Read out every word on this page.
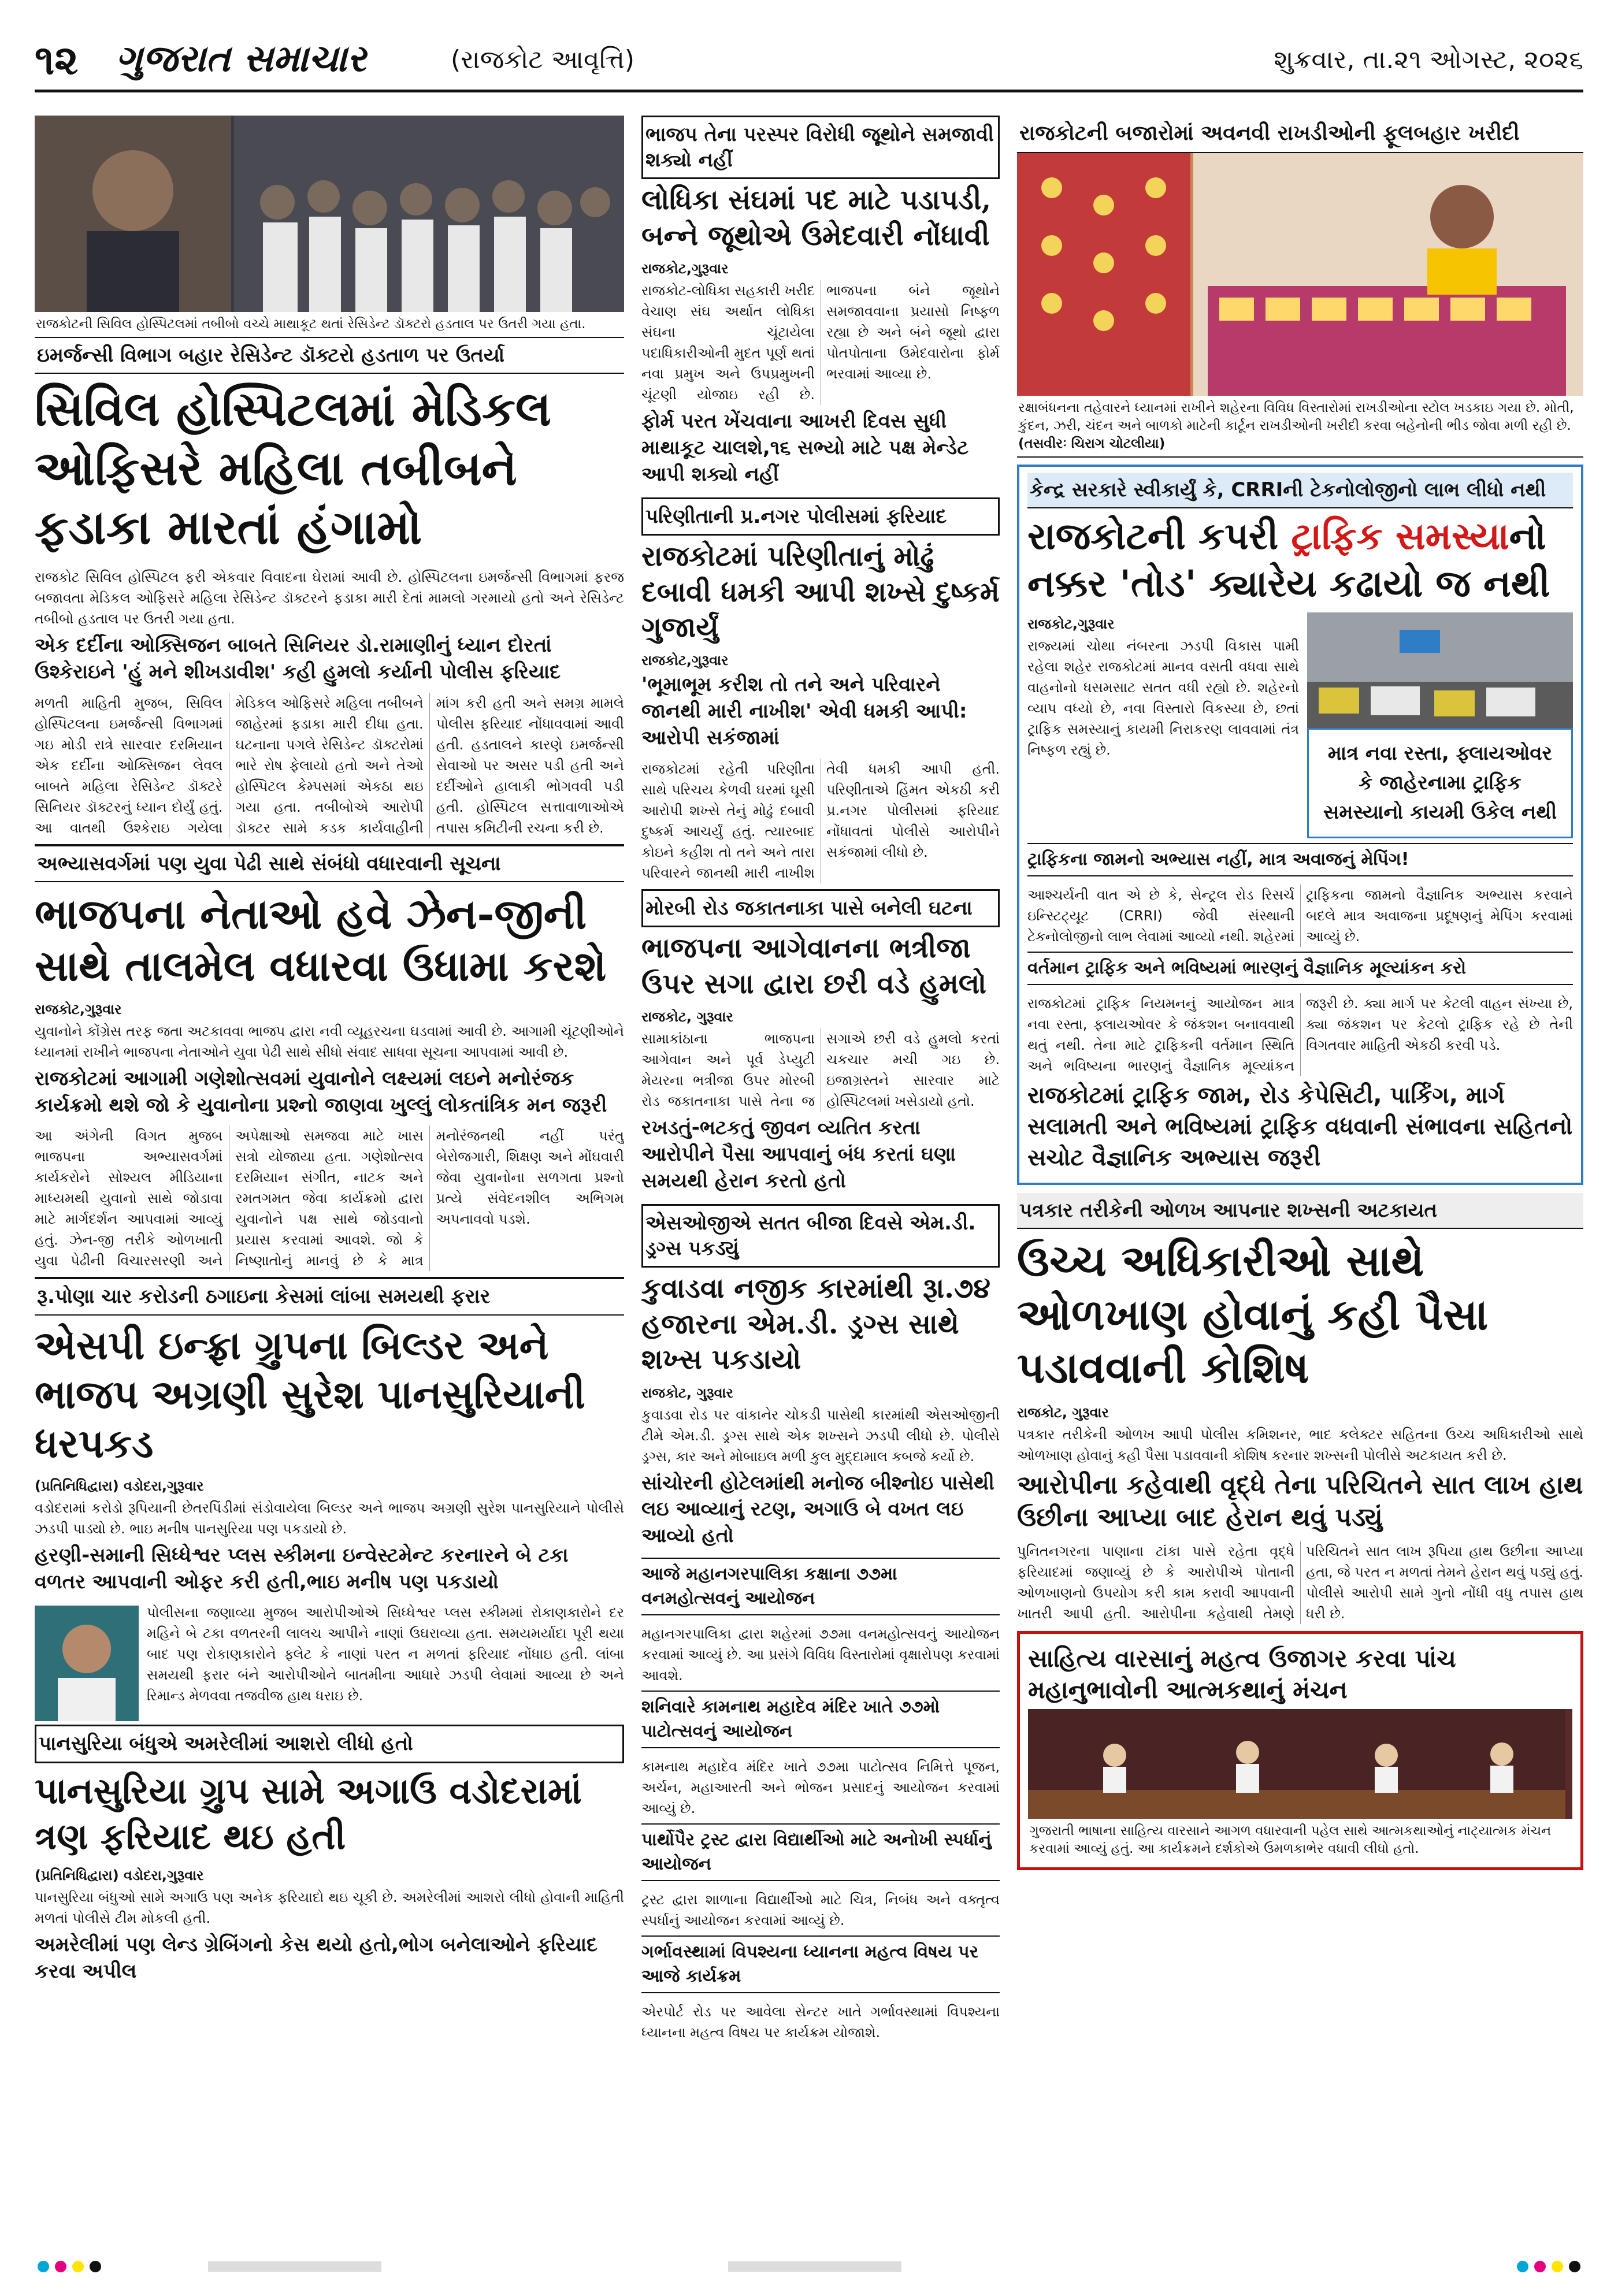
૧૨ ગુજરાત સમાચાર	(રાજકોટ આવૃત્તિ)	શુક્રવાર, તા.૨૧ ઓગસ્ટ, ૨૦૨૬
રાજકોટની સિવિલ હોસ્પિટલમાં તબીબો વચ્ચે માથાકૂટ થતાં રેસિડેન્ટ ડૉક્ટરો હડતાલ પર ઉતરી ગયા હતા.
ઇમર્જન્સી વિભાગ બહાર રેસિડેન્ટ ડૉક્ટરો હડતાળ પર ઉતર્યા
સિવિલ હોસ્પિટલમાં મેડિકલ ઓફિસરે મહિલા તબીબને ફડાકા મારતાં હંગામો
રાજકોટ સિવિલ હોસ્પિટલ ફરી એકવાર વિવાદના ઘેરામાં આવી છે. હોસ્પિટલના ઇમર્જન્સી વિભાગમાં ફરજ બજાવતા મેડિકલ ઓફિસરે મહિલા રેસિડેન્ટ ડૉક્ટરને ફડાકા મારી દેતાં મામલો ગરમાયો હતો અને રેસિડેન્ટ તબીબો હડતાલ પર ઉતરી ગયા હતા.
એક દર્દીના ઓક્સિજન બાબતે સિનિયર ડો.રામાણીનું ધ્યાન દોરતાં ઉશ્કેરાઇને 'હું મને શીખડાવીશ' કહી હુમલો કર્યાની પોલીસ ફરિયાદ
મળતી માહિતી મુજબ, સિવિલ હોસ્પિટલના ઇમર્જન્સી વિભાગમાં ગઇ મોડી રાત્રે સારવાર દરમિયાન એક દર્દીના ઓક્સિજન લેવલ બાબતે મહિલા રેસિડેન્ટ ડૉક્ટરે સિનિયર ડૉક્ટરનું ધ્યાન દોર્યું હતું. આ વાતથી ઉશ્કેરાઇ ગયેલા મેડિકલ ઓફિસરે મહિલા તબીબને જાહેરમાં ફડાકા મારી દીધા હતા. ઘટનાના પગલે રેસિડેન્ટ ડૉક્ટરોમાં ભારે રોષ ફેલાયો હતો અને તેઓ હોસ્પિટલ કેમ્પસમાં એકઠા થઇ ગયા હતા. તબીબોએ આરોપી ડૉક્ટર સામે કડક કાર્યવાહીની માંગ કરી હતી અને સમગ્ર મામલે પોલીસ ફરિયાદ નોંધાવવામાં આવી હતી. હડતાલને કારણે ઇમર્જન્સી સેવાઓ પર અસર પડી હતી અને દર્દીઓને હાલાકી ભોગવવી પડી હતી. હોસ્પિટલ સત્તાવાળાઓએ તપાસ કમિટીની રચના કરી છે.
અભ્યાસવર્ગમાં પણ યુવા પેઢી સાથે સંબંધો વધારવાની સૂચના
ભાજપના નેતાઓ હવે ઝેન-જીની સાથે તાલમેલ વધારવા ઉધામા કરશે
રાજકોટ,ગુરૂવાર
યુવાનોને કોંગ્રેસ તરફ જતા અટકાવવા ભાજપ દ્વારા નવી વ્યૂહરચના ઘડવામાં આવી છે. આગામી ચૂંટણીઓને ધ્યાનમાં રાખીને ભાજપના નેતાઓને યુવા પેઢી સાથે સીધો સંવાદ સાધવા સૂચના આપવામાં આવી છે.
રાજકોટમાં આગામી ગણેશોત્સવમાં યુવાનોને લક્ષ્યમાં લઇને મનોરંજક કાર્યક્રમો થશે જો કે યુવાનોના પ્રશ્નો જાણવા ખુલ્લું લોકતાંત્રિક મન જરૂરી
આ અંગેની વિગત મુજબ ભાજપના અભ્યાસવર્ગમાં કાર્યકરોને સોશ્યલ મીડિયાના માધ્યમથી યુવાનો સાથે જોડાવા માટે માર્ગદર્શન આપવામાં આવ્યું હતું. ઝેન-જી તરીકે ઓળખાતી યુવા પેઢીની વિચારસરણી અને અપેક્ષાઓ સમજવા માટે ખાસ સત્રો યોજાયા હતા. ગણેશોત્સવ દરમિયાન સંગીત, નાટક અને રમતગમત જેવા કાર્યક્રમો દ્વારા યુવાનોને પક્ષ સાથે જોડવાનો પ્રયાસ કરવામાં આવશે. જો કે નિષ્ણાતોનું માનવું છે કે માત્ર મનોરંજનથી નહીં પરંતુ બેરોજગારી, શિક્ષણ અને મોંઘવારી જેવા યુવાનોના સળગતા પ્રશ્નો પ્રત્યે સંવેદનશીલ અભિગમ અપનાવવો પડશે.
રૂ.પોણા ચાર કરોડની ઠગાઇના કેસમાં લાંબા સમયથી ફરાર
એસપી ઇન્ફ્રા ગ્રુપના બિલ્ડર અને ભાજપ અગ્રણી સુરેશ પાનસુરિયાની ધરપકડ
(પ્રતિનિધિદ્વારા) વડોદરા,ગુરૂવાર
વડોદરામાં કરોડો રૂપિયાની છેતરપિંડીમાં સંડોવાયેલા બિલ્ડર અને ભાજપ અગ્રણી સુરેશ પાનસુરિયાને પોલીસે ઝડપી પાડ્યો છે. ભાઇ મનીષ પાનસુરિયા પણ પકડાયો છે.
હરણી-સમાની સિધ્ધેશ્વર પ્લસ સ્કીમના ઇન્વેસ્ટમેન્ટ કરનારને બે ટકા વળતર આપવાની ઓફર કરી હતી,ભાઇ મનીષ પણ પકડાયો
પોલીસના જણાવ્યા મુજબ આરોપીઓએ સિધ્ધેશ્વર પ્લસ સ્કીમમાં રોકાણકારોને દર મહિને બે ટકા વળતરની લાલચ આપીને નાણાં ઉઘરાવ્યા હતા. સમયમર્યાદા પૂરી થયા બાદ પણ રોકાણકારોને ફ્લેટ કે નાણાં પરત ન મળતાં ફરિયાદ નોંધાઇ હતી. લાંબા સમયથી ફરાર બંને આરોપીઓને બાતમીના આધારે ઝડપી લેવામાં આવ્યા છે અને રિમાન્ડ મેળવવા તજવીજ હાથ ધરાઇ છે.
પાનસુરિયા બંધુએ અમરેલીમાં આશરો લીધો હતો
પાનસુરિયા ગ્રુપ સામે અગાઉ વડોદરામાં ત્રણ ફરિયાદ થઇ હતી
(પ્રતિનિધિદ્વારા) વડોદરા,ગુરૂવાર
પાનસુરિયા બંધુઓ સામે અગાઉ પણ અનેક ફરિયાદો થઇ ચૂકી છે. અમરેલીમાં આશરો લીધો હોવાની માહિતી મળતાં પોલીસે ટીમ મોકલી હતી.
અમરેલીમાં પણ લેન્ડ ગ્રેબિંગનો કેસ થયો હતો,ભોગ બનેલાઓને ફરિયાદ કરવા અપીલ
ભાજપ તેના પરસ્પર વિરોધી જૂથોને સમજાવી શક્યો નહીં
લોધિકા સંઘમાં પદ માટે પડાપડી, બન્ને જૂથોએ ઉમેદવારી નોંધાવી
રાજકોટ,ગુરૂવાર
રાજકોટ-લોધિકા સહકારી ખરીદ વેચાણ સંઘ અર્થાત લોધિકા સંઘના ચૂંટાયેલા પદાધિકારીઓની મુદત પૂર્ણ થતાં નવા પ્રમુખ અને ઉપપ્રમુખની ચૂંટણી યોજાઇ રહી છે. ભાજપના બંને જૂથોને સમજાવવાના પ્રયાસો નિષ્ફળ રહ્યા છે અને બંને જૂથો દ્વારા પોતપોતાના ઉમેદવારોના ફોર્મ ભરવામાં આવ્યા છે.
ફોર્મ પરત ખેંચવાના આખરી દિવસ સુધી માથાકૂટ ચાલશે,૧૬ સભ્યો માટે પક્ષ મેન્ડેટ આપી શક્યો નહીં
પરિણીતાની પ્ર.નગર પોલીસમાં ફરિયાદ
રાજકોટમાં પરિણીતાનું મોઢું દબાવી ધમકી આપી શખ્સે દુષ્કર્મ ગુજાર્યું
રાજકોટ,ગુરૂવાર
'ભૂમાભૂમ કરીશ તો તને અને પરિવારને જાનથી મારી નાખીશ' એવી ધમકી આપી: આરોપી સકંજામાં
રાજકોટમાં રહેતી પરિણીતા સાથે પરિચય કેળવી ઘરમાં ઘૂસી આરોપી શખ્સે તેનું મોઢું દબાવી દુષ્કર્મ આચર્યું હતું. ત્યારબાદ કોઇને કહીશ તો તને અને તારા પરિવારને જાનથી મારી નાખીશ તેવી ધમકી આપી હતી. પરિણીતાએ હિંમત એકઠી કરી પ્ર.નગર પોલીસમાં ફરિયાદ નોંધાવતાં પોલીસે આરોપીને સકંજામાં લીધો છે.
મોરબી રોડ જકાતનાકા પાસે બનેલી ઘટના
ભાજપના આગેવાનના ભત્રીજા ઉપર સગા દ્વારા છરી વડે હુમલો
રાજકોટ, ગુરૂવાર
સામાકાંઠાના ભાજપના આગેવાન અને પૂર્વ ડેપ્યુટી મેયરના ભત્રીજા ઉપર મોરબી રોડ જકાતનાકા પાસે તેના જ સગાએ છરી વડે હુમલો કરતાં ચકચાર મચી ગઇ છે. ઇજાગ્રસ્તને સારવાર માટે હોસ્પિટલમાં ખસેડાયો હતો.
રખડતું-ભટકતું જીવન વ્યતિત કરતા આરોપીને પૈસા આપવાનું બંધ કરતાં ઘણા સમયથી હેરાન કરતો હતો
એસઓજીએ સતત બીજા દિવસે એમ.ડી. ડ્રગ્સ પકડ્યું
કુવાડવા નજીક કારમાંથી રૂા.૭૪ હજારના એમ.ડી. ડ્રગ્સ સાથે શખ્સ પકડાયો
રાજકોટ, ગુરૂવાર
કુવાડવા રોડ પર વાંકાનેર ચોકડી પાસેથી કારમાંથી એસઓજીની ટીમે એમ.ડી. ડ્રગ્સ સાથે એક શખ્સને ઝડપી લીધો છે. પોલીસે ડ્રગ્સ, કાર અને મોબાઇલ મળી કુલ મુદ્દામાલ કબજે કર્યો છે.
સાંચોરની હોટેલમાંથી મનોજ બીશ્નોઇ પાસેથી લઇ આવ્યાનું રટણ, અગાઉ બે વખત લઇ આવ્યો હતો
આજે મહાનગરપાલિકા કક્ષાના ૭૭મા વનમહોત્સવનું આયોજન
મહાનગરપાલિકા દ્વારા શહેરમાં ૭૭મા વનમહોત્સવનું આયોજન કરવામાં આવ્યું છે. આ પ્રસંગે વિવિધ વિસ્તારોમાં વૃક્ષારોપણ કરવામાં આવશે.
શનિવારે કામનાથ મહાદેવ મંદિર ખાતે ૭૭મો પાટોત્સવનું આયોજન
કામનાથ મહાદેવ મંદિર ખાતે ૭૭મા પાટોત્સવ નિમિત્તે પૂજન, અર્ચન, મહાઆરતી અને ભોજન પ્રસાદનું આયોજન કરવામાં આવ્યું છે.
પાર્થોપૈર ટ્રસ્ટ દ્વારા વિદ્યાર્થીઓ માટે અનોખી સ્પર્ધાનું આયોજન
ટ્રસ્ટ દ્વારા શાળાના વિદ્યાર્થીઓ માટે ચિત્ર, નિબંધ અને વક્તૃત્વ સ્પર્ધાનું આયોજન કરવામાં આવ્યું છે.
ગર્ભાવસ્થામાં વિપશ્યના ધ્યાનના મહત્વ વિષય પર આજે કાર્યક્રમ
એરપોર્ટ રોડ પર આવેલા સેન્ટર ખાતે ગર્ભાવસ્થામાં વિપશ્યના ધ્યાનના મહત્વ વિષય પર કાર્યક્રમ યોજાશે.
રાજકોટની બજારોમાં અવનવી રાખડીઓની ફૂલબહાર ખરીદી
રક્ષાબંધનના તહેવારને ધ્યાનમાં રાખીને શહેરના વિવિધ વિસ્તારોમાં રાખડીઓના સ્ટોલ ખડકાઇ ગયા છે. મોતી, કુંદન, ઝરી, ચંદન અને બાળકો માટેની કાર્ટૂન રાખડીઓની ખરીદી કરવા બહેનોની ભીડ જોવા મળી રહી છે. (તસવીરઃ ચિરાગ ચોટલીયા)
કેન્દ્ર સરકારે સ્વીકાર્યું કે, CRRIની ટેકનોલોજીનો લાભ લીધો નથી
રાજકોટની કપરી ટ્રાફિક સમસ્યાનો નક્કર 'તોડ' ક્યારેય કઢાયો જ નથી
રાજકોટ,ગુરૂવાર
રાજ્યમાં ચોથા નંબરના ઝડપી વિકાસ પામી રહેલા શહેર રાજકોટમાં માનવ વસતી વધવા સાથે વાહનોનો ધસમસાટ સતત વધી રહ્યો છે. શહેરનો વ્યાપ વધ્યો છે, નવા વિસ્તારો વિકસ્યા છે, છતાં ટ્રાફિક સમસ્યાનું કાયમી નિરાકરણ લાવવામાં તંત્ર નિષ્ફળ રહ્યું છે.	માત્ર નવા રસ્તા, ફ્લાયઓવર કે જાહેરનામા ટ્રાફિક સમસ્યાનો કાયમી ઉકેલ નથી
ટ્રાફિકના જામનો અભ્યાસ નહીં, માત્ર અવાજનું મેપિંગ!
આશ્ચર્યની વાત એ છે કે, સેન્ટ્રલ રોડ રિસર્ચ ઇન્સ્ટિટ્યૂટ (CRRI) જેવી સંસ્થાની ટેકનોલોજીનો લાભ લેવામાં આવ્યો નથી. શહેરમાં ટ્રાફિકના જામનો વૈજ્ઞાનિક અભ્યાસ કરવાને બદલે માત્ર અવાજના પ્રદૂષણનું મેપિંગ કરવામાં આવ્યું છે.
વર્તમાન ટ્રાફિક અને ભવિષ્યમાં ભારણનું વૈજ્ઞાનિક મૂલ્યાંકન કરો
રાજકોટમાં ટ્રાફિક નિયમનનું આયોજન માત્ર નવા રસ્તા, ફ્લાયઓવર કે જંકશન બનાવવાથી થતું નથી. તેના માટે ટ્રાફિકની વર્તમાન સ્થિતિ અને ભવિષ્યના ભારણનું વૈજ્ઞાનિક મૂલ્યાંકન જરૂરી છે. ક્યા માર્ગ પર કેટલી વાહન સંખ્યા છે, ક્યા જંકશન પર કેટલો ટ્રાફિક રહે છે તેની વિગતવાર માહિતી એકઠી કરવી પડે.
રાજકોટમાં ટ્રાફિક જામ, રોડ કેપેસિટી, પાર્કિંગ, માર્ગ સલામતી અને ભવિષ્યમાં ટ્રાફિક વધવાની સંભાવના સહિતનો સચોટ વૈજ્ઞાનિક અભ્યાસ જરૂરી
પત્રકાર તરીકેની ઓળખ આપનાર શખ્સની અટકાયત
ઉચ્ચ અધિકારીઓ સાથે ઓળખાણ હોવાનું કહી પૈસા પડાવવાની કોશિષ
રાજકોટ, ગુરૂવાર
પત્રકાર તરીકેની ઓળખ આપી પોલીસ કમિશનર, ભાદ કલેક્ટર સહિતના ઉચ્ચ અધિકારીઓ સાથે ઓળખાણ હોવાનું કહી પૈસા પડાવવાની કોશિષ કરનાર શખ્સની પોલીસે અટકાયત કરી છે.
આરોપીના કહેવાથી વૃદ્ધે તેના પરિચિતને સાત લાખ હાથ ઉછીના આપ્યા બાદ હેરાન થવું પડ્યું
પુનિતનગરના પાણાના ટાંકા પાસે રહેતા વૃદ્ધે ફરિયાદમાં જણાવ્યું છે કે આરોપીએ પોતાની ઓળખાણનો ઉપયોગ કરી કામ કરાવી આપવાની ખાતરી આપી હતી. આરોપીના કહેવાથી તેમણે પરિચિતને સાત લાખ રૂપિયા હાથ ઉછીના આપ્યા હતા, જે પરત ન મળતાં તેમને હેરાન થવું પડ્યું હતું. પોલીસે આરોપી સામે ગુનો નોંધી વધુ તપાસ હાથ ધરી છે.
સાહિત્ય વારસાનું મહત્વ ઉજાગર કરવા પાંચ મહાનુભાવોની આત્મકથાનું મંચન
ગુજરાતી ભાષાના સાહિત્ય વારસાને આગળ વધારવાની પહેલ સાથે આત્મકથાઓનું નાટ્યાત્મક મંચન કરવામાં આવ્યું હતું. આ કાર્યક્રમને દર્શકોએ ઉમળકાભેર વધાવી લીધો હતો.
